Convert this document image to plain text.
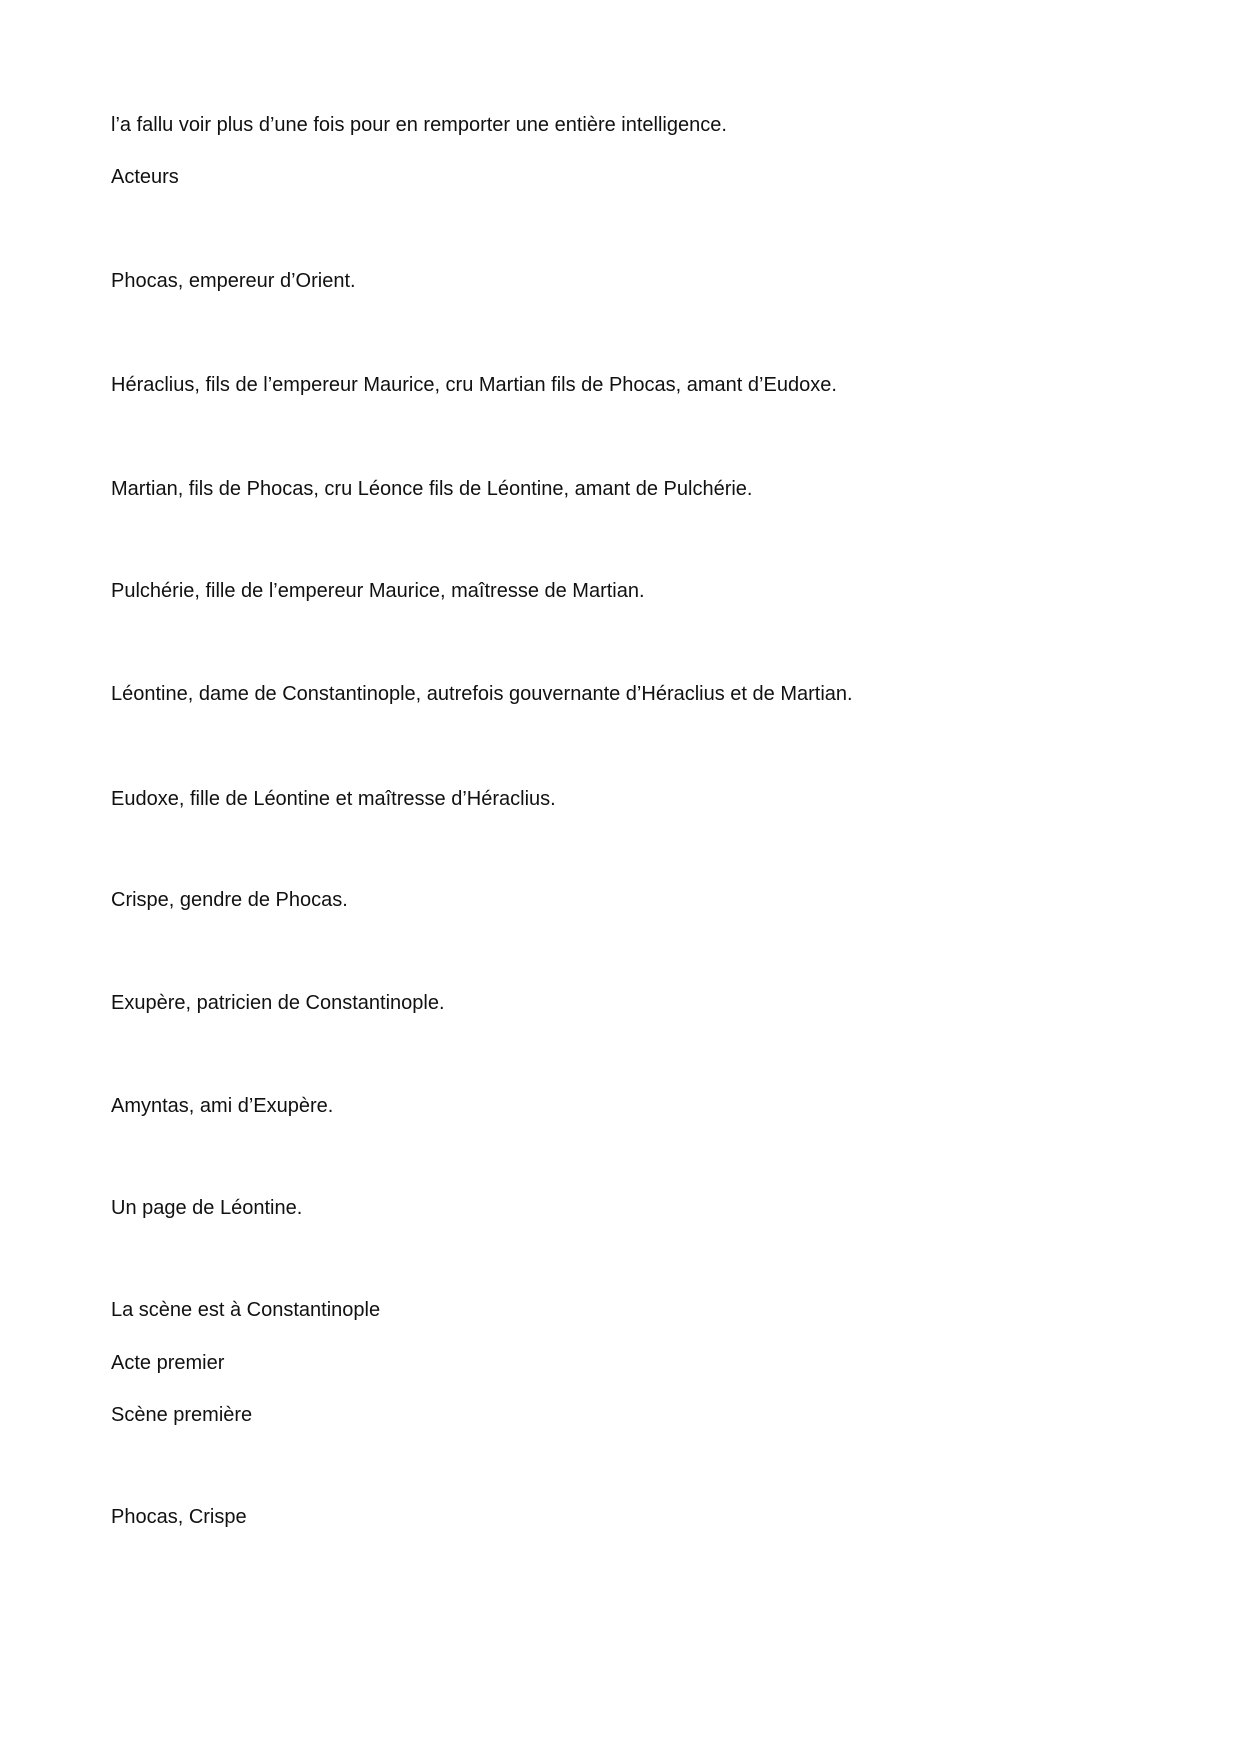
l’a fallu voir plus d’une fois pour en remporter une entière intelligence.

Acteurs

Phocas, empereur d’Orient.

Héraclius, fils de l’empereur Maurice, cru Martian fils de Phocas, amant d’Eudoxe.

Martian, fils de Phocas, cru Léonce fils de Léontine, amant de Pulchérie.

Pulchérie, fille de l’empereur Maurice, maîtresse de Martian.

Léontine, dame de Constantinople, autrefois gouvernante d’Héraclius et de Martian.

Eudoxe, fille de Léontine et maîtresse d’Héraclius.

Crispe, gendre de Phocas.

Exupère, patricien de Constantinople.

Amyntas, ami d’Exupère.

Un page de Léontine.

La scène est à Constantinople

Acte premier

Scène première

Phocas, Crispe
